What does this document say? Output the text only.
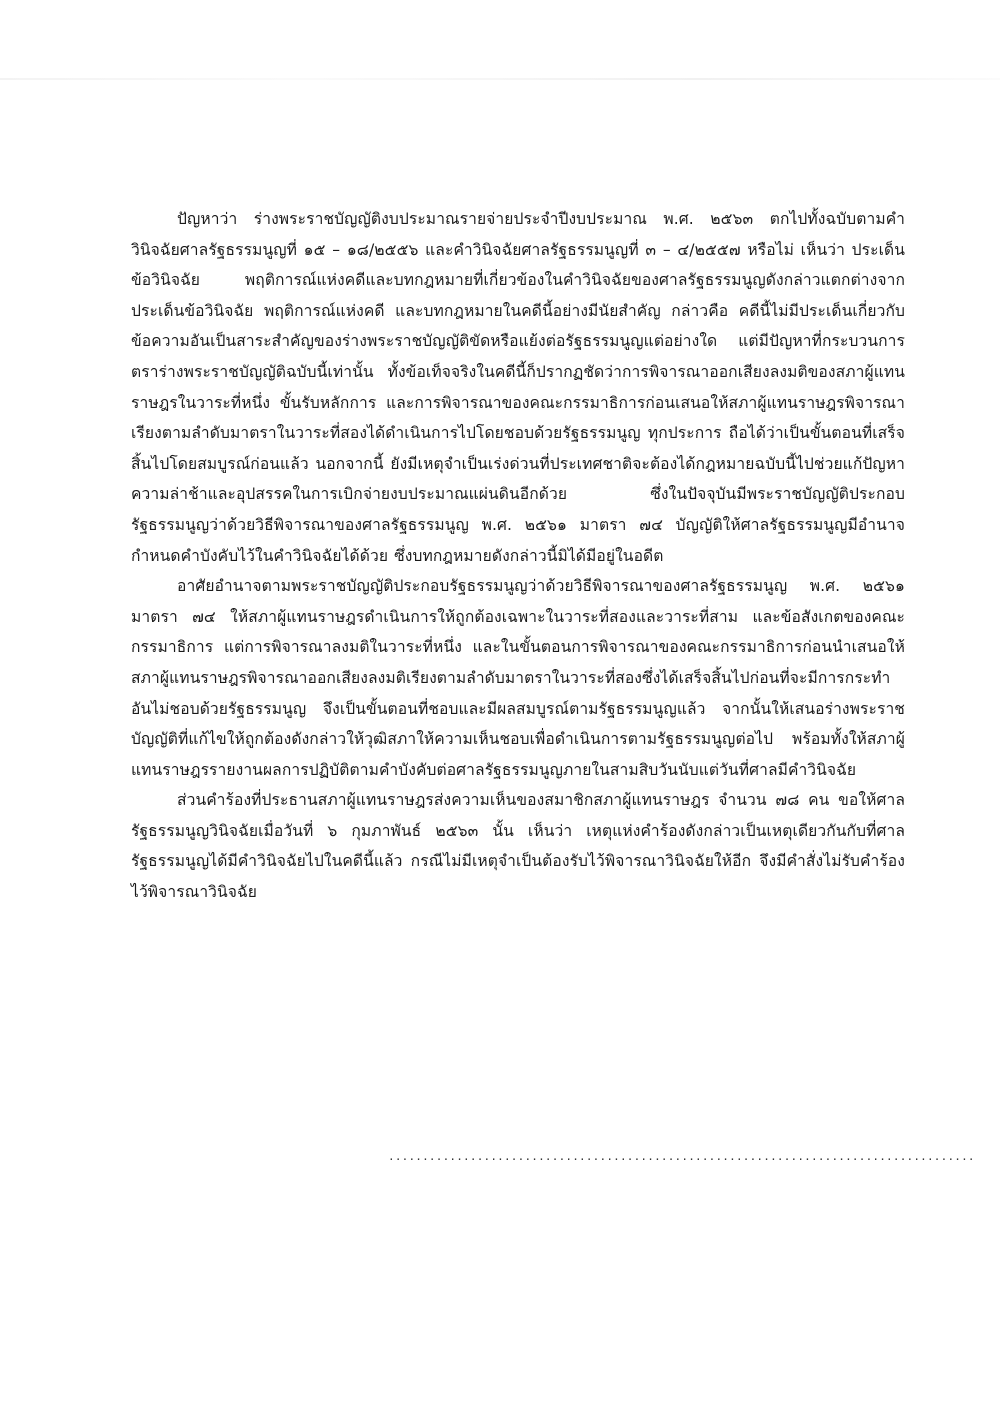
ปัญหาว่า ร่างพระราชบัญญัติงบประมาณรายจ่ายประจำปีงบประมาณ พ.ศ. ๒๕๖๓ ตกไปทั้งฉบับตามคำวินิจฉัยศาลรัฐธรรมนูญที่ ๑๕ – ๑๘/๒๕๕๖ และคำวินิจฉัยศาลรัฐธรรมนูญที่ ๓ – ๔/๒๕๕๗ หรือไม่ เห็นว่า ประเด็นข้อวินิจฉัย พฤติการณ์แห่งคดีและบทกฎหมายที่เกี่ยวข้องในคำวินิจฉัยของศาลรัฐธรรมนูญดังกล่าวแตกต่างจากประเด็นข้อวินิจฉัย พฤติการณ์แห่งคดี และบทกฎหมายในคดีนี้อย่างมีนัยสำคัญ กล่าวคือ คดีนี้ไม่มีประเด็นเกี่ยวกับข้อความอันเป็นสาระสำคัญของร่างพระราชบัญญัติขัดหรือแย้งต่อรัฐธรรมนูญแต่อย่างใด แต่มีปัญหาที่กระบวนการตราร่างพระราชบัญญัติฉบับนี้เท่านั้น ทั้งข้อเท็จจริงในคดีนี้ก็ปรากฏชัดว่าการพิจารณาออกเสียงลงมติของสภาผู้แทนราษฎรในวาระที่หนึ่ง ขั้นรับหลักการ และการพิจารณาของคณะกรรมาธิการก่อนเสนอให้สภาผู้แทนราษฎรพิจารณาเรียงตามลำดับมาตราในวาระที่สองได้ดำเนินการไปโดยชอบด้วยรัฐธรรมนูญ ทุกประการ ถือได้ว่าเป็นขั้นตอนที่เสร็จสิ้นไปโดยสมบูรณ์ก่อนแล้ว นอกจากนี้ ยังมีเหตุจำเป็นเร่งด่วนที่ประเทศชาติจะต้องได้กฎหมายฉบับนี้ไปช่วยแก้ปัญหาความล่าช้าและอุปสรรคในการเบิกจ่ายงบประมาณแผ่นดินอีกด้วย ซึ่งในปัจจุบันมีพระราชบัญญัติประกอบรัฐธรรมนูญว่าด้วยวิธีพิจารณาของศาลรัฐธรรมนูญ พ.ศ. ๒๕๖๑ มาตรา ๗๔ บัญญัติให้ศาลรัฐธรรมนูญมีอำนาจกำหนดคำบังคับไว้ในคำวินิจฉัยได้ด้วย ซึ่งบทกฎหมายดังกล่าวนี้มิได้มีอยู่ในอดีต

อาศัยอำนาจตามพระราชบัญญัติประกอบรัฐธรรมนูญว่าด้วยวิธีพิจารณาของศาลรัฐธรรมนูญ พ.ศ. ๒๕๖๑ มาตรา ๗๔ ให้สภาผู้แทนราษฎรดำเนินการให้ถูกต้องเฉพาะในวาระที่สองและวาระที่สาม และข้อสังเกตของคณะกรรมาธิการ แต่การพิจารณาลงมติในวาระที่หนึ่ง และในขั้นตอนการพิจารณาของคณะกรรมาธิการก่อนนำเสนอให้สภาผู้แทนราษฎรพิจารณาออกเสียงลงมติเรียงตามลำดับมาตราในวาระที่สองซึ่งได้เสร็จสิ้นไปก่อนที่จะมีการกระทำอันไม่ชอบด้วยรัฐธรรมนูญ จึงเป็นขั้นตอนที่ชอบและมีผลสมบูรณ์ตามรัฐธรรมนูญแล้ว จากนั้นให้เสนอร่างพระราชบัญญัติที่แก้ไขให้ถูกต้องดังกล่าวให้วุฒิสภาให้ความเห็นชอบเพื่อดำเนินการตามรัฐธรรมนูญต่อไป พร้อมทั้งให้สภาผู้แทนราษฎรรายงานผลการปฏิบัติตามคำบังคับต่อศาลรัฐธรรมนูญภายในสามสิบวันนับแต่วันที่ศาลมีคำวินิจฉัย

ส่วนคำร้องที่ประธานสภาผู้แทนราษฎรส่งความเห็นของสมาชิกสภาผู้แทนราษฎร จำนวน ๗๘ คน ขอให้ศาลรัฐธรรมนูญวินิจฉัยเมื่อวันที่ ๖ กุมภาพันธ์ ๒๕๖๓ นั้น เห็นว่า เหตุแห่งคำร้องดังกล่าวเป็นเหตุเดียวกันกับที่ศาลรัฐธรรมนูญได้มีคำวินิจฉัยไปในคดีนี้แล้ว กรณีไม่มีเหตุจำเป็นต้องรับไว้พิจารณาวินิจฉัยให้อีก จึงมีคำสั่งไม่รับคำร้องไว้พิจารณาวินิจฉัย

......................................................................................
